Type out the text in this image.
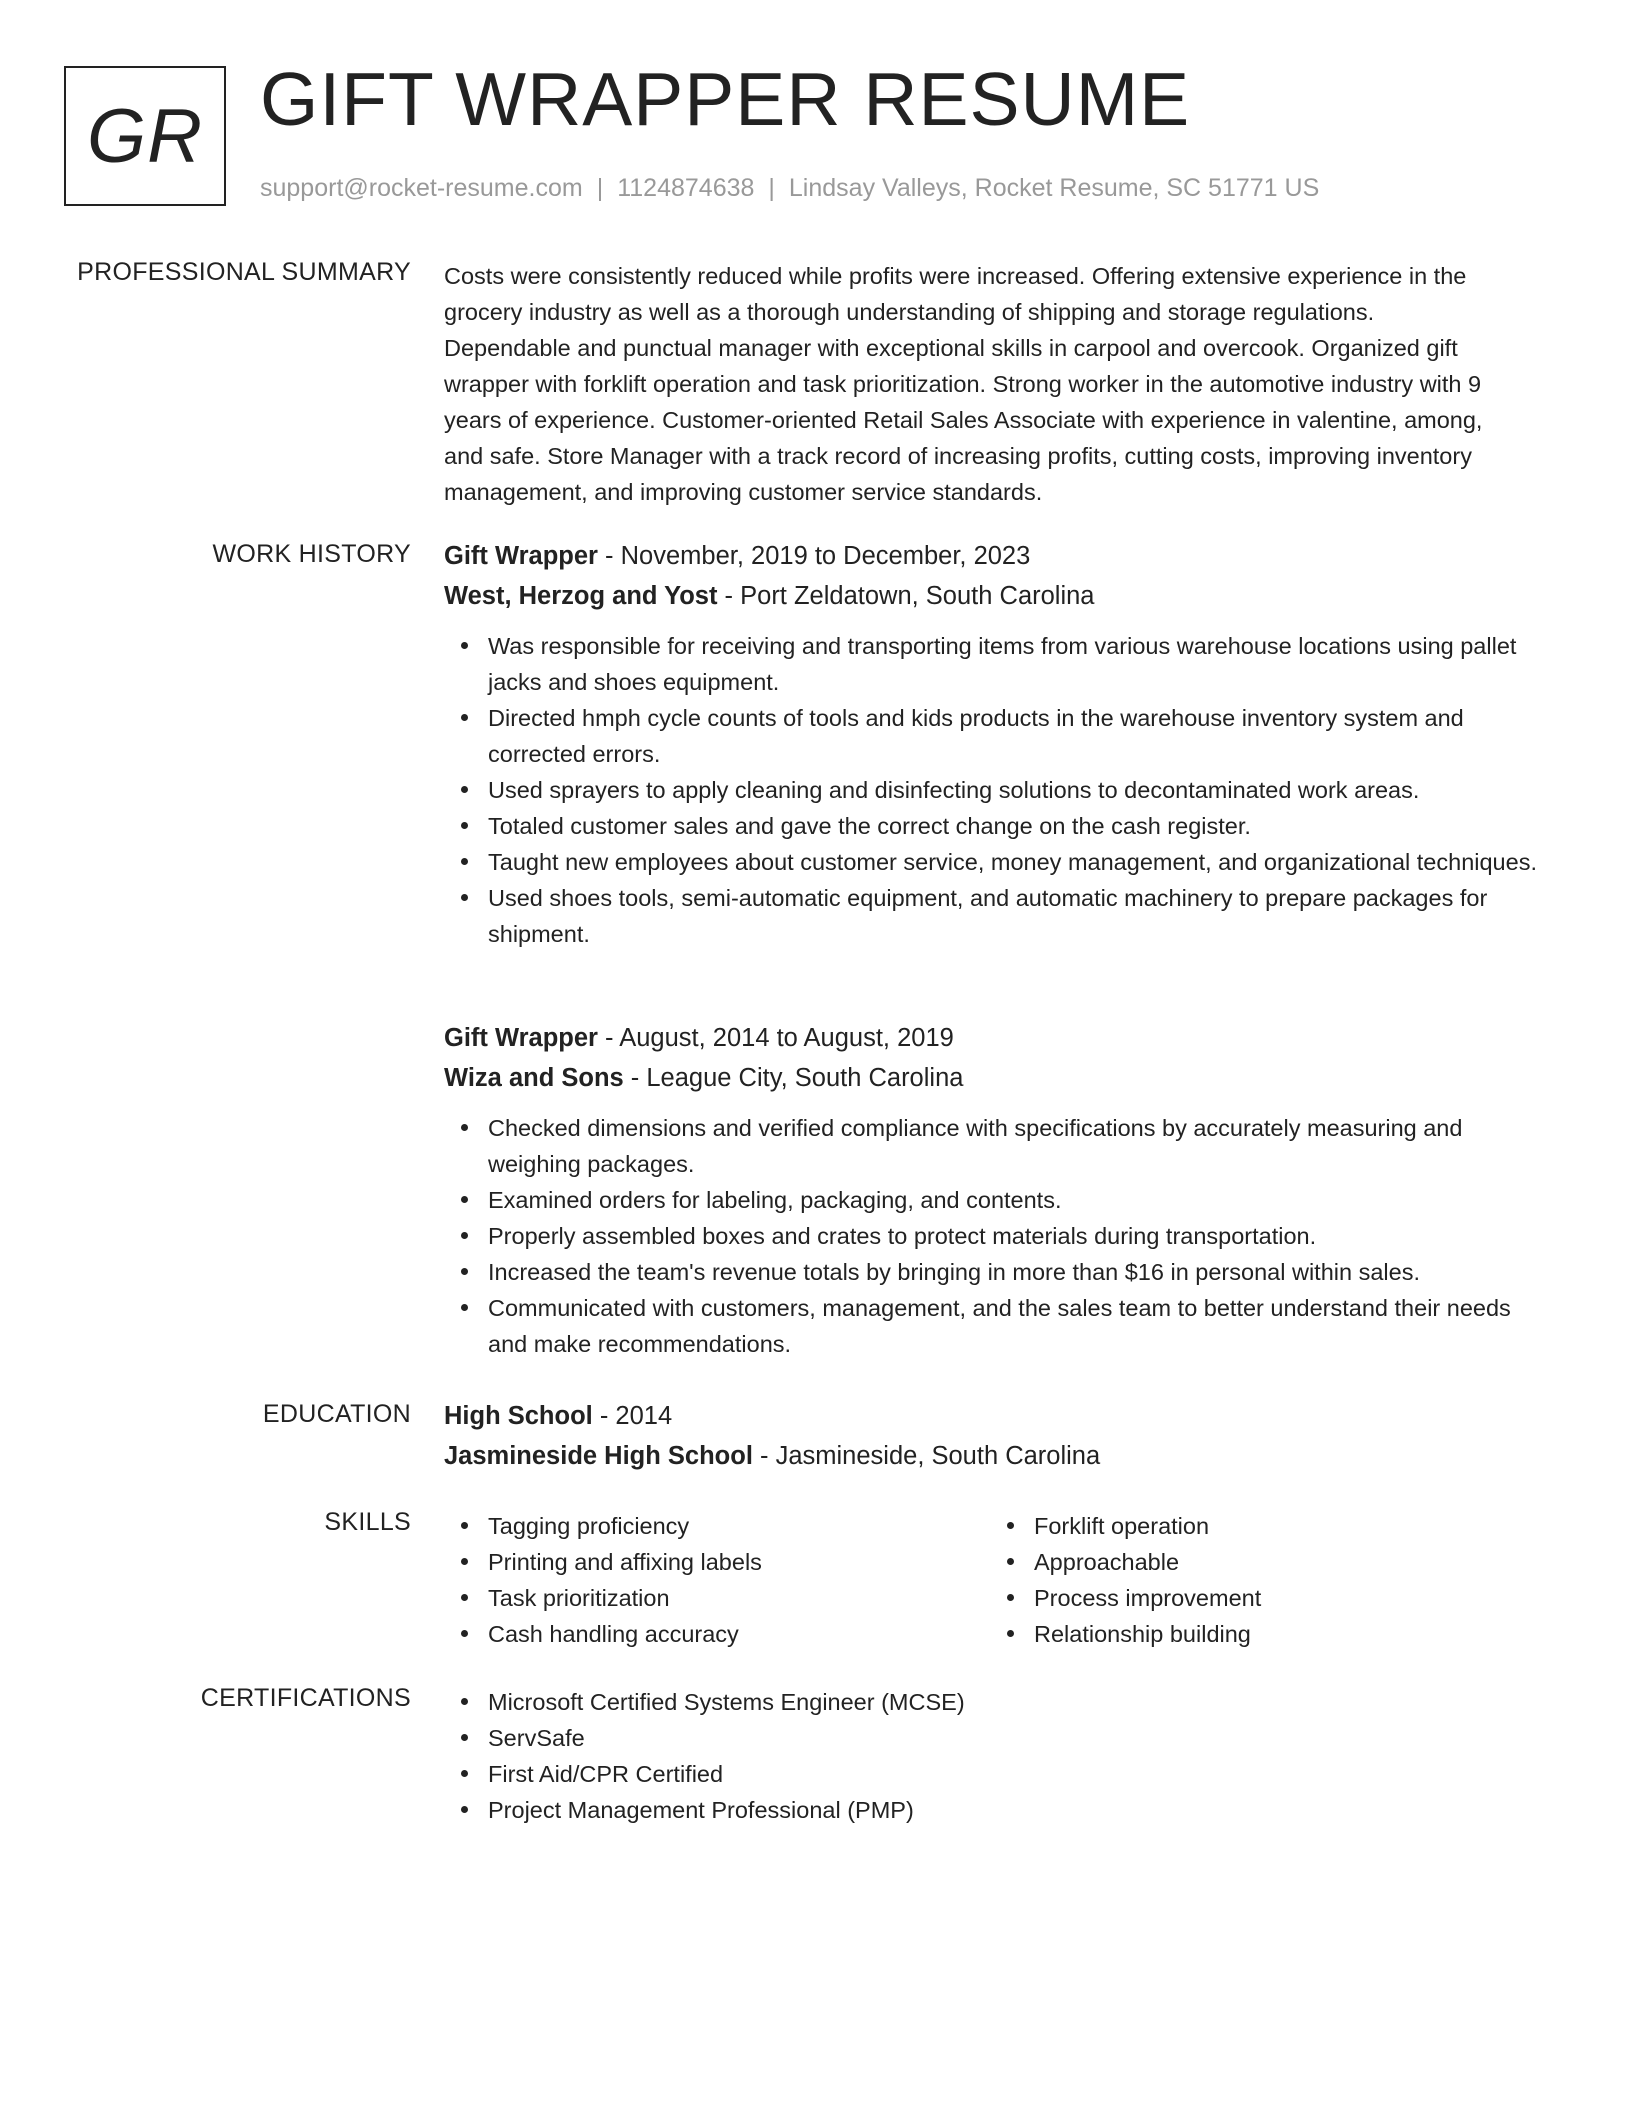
GR GIFT WRAPPER RESUME
support@rocket-resume.com | 1124874638 | Lindsay Valleys, Rocket Resume, SC 51771 US
PROFESSIONAL SUMMARY Costs were consistently reduced while profits were increased. Offering extensive experience in the
grocery industry as well as a thorough understanding of shipping and storage regulations.
Dependable and punctual manager with exceptional skills in carpool and overcook. Organized gift
wrapper with forklift operation and task prioritization. Strong worker in the automotive industry with 9
years of experience. Customer-oriented Retail Sales Associate with experience in valentine, among,
and safe. Store Manager with a track record of increasing profits, cutting costs, improving inventory
management, and improving customer service standards.
WORK HISTORY Gift Wrapper - November, 2019 to December, 2023
West, Herzog and Yost - Port Zeldatown, South Carolina
Was responsible for receiving and transporting items from various warehouse locations using pallet jacks and shoes equipment.
Directed hmph cycle counts of tools and kids products in the warehouse inventory system and corrected errors.
Used sprayers to apply cleaning and disinfecting solutions to decontaminated work areas.
Totaled customer sales and gave the correct change on the cash register.
Taught new employees about customer service, money management, and organizational techniques.
Used shoes tools, semi-automatic equipment, and automatic machinery to prepare packages for shipment.
Gift Wrapper - August, 2014 to August, 2019
Wiza and Sons - League City, South Carolina
Checked dimensions and verified compliance with specifications by accurately measuring and weighing packages.
Examined orders for labeling, packaging, and contents.
Properly assembled boxes and crates to protect materials during transportation.
Increased the team's revenue totals by bringing in more than $16 in personal within sales.
Communicated with customers, management, and the sales team to better understand their needs and make recommendations.
EDUCATION High School - 2014
Jasmineside High School - Jasmineside, South Carolina
SKILLS	Tagging proficiency
Printing and affixing labels
Task prioritization
Cash handling accuracy
Forklift operation
Approachable
Process improvement
Relationship building
CERTIFICATIONS	Microsoft Certified Systems Engineer (MCSE)
ServSafe
First Aid/CPR Certified
Project Management Professional (PMP)
